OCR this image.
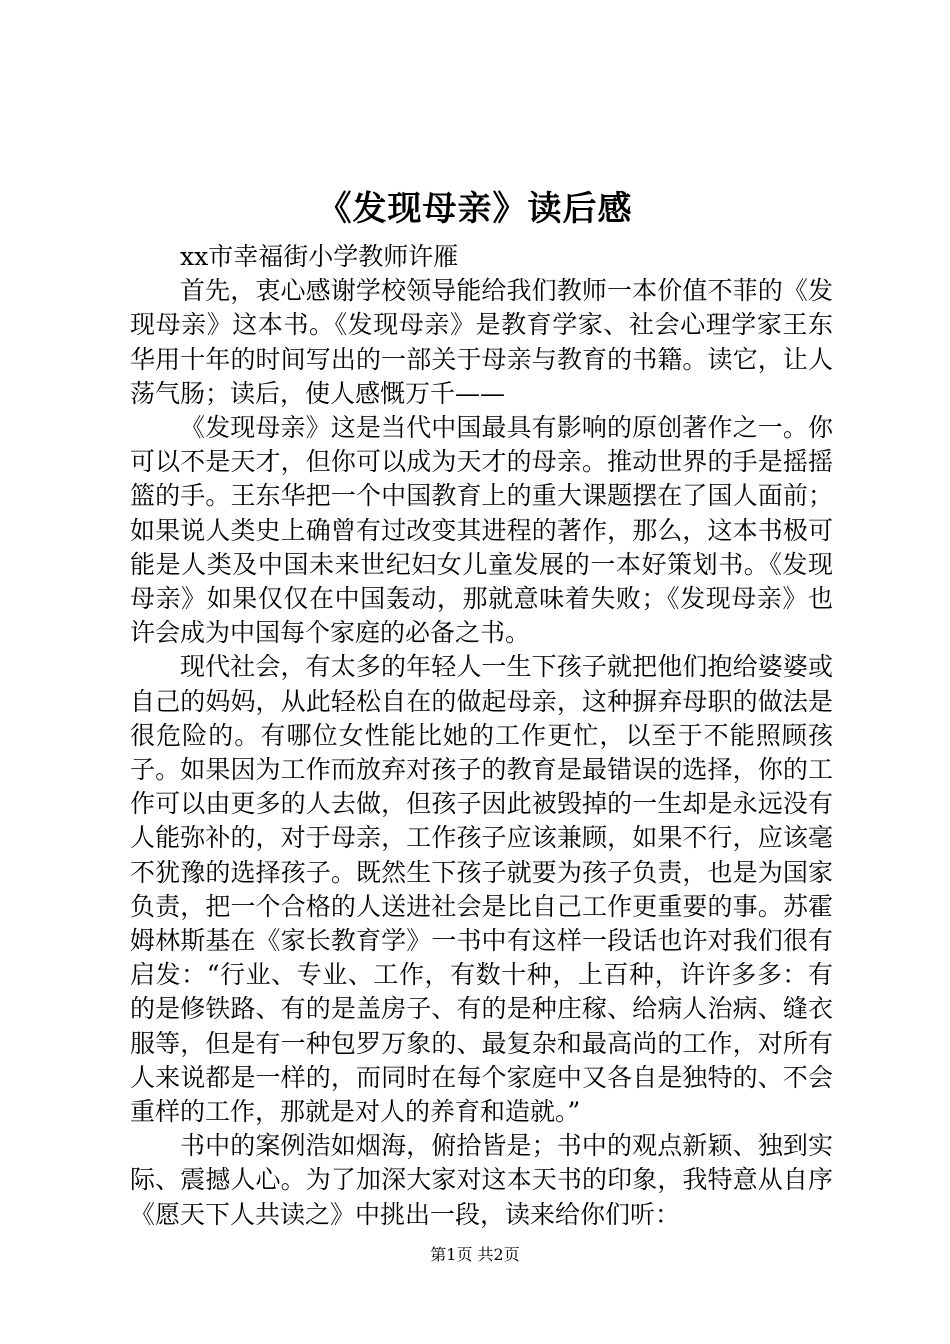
《发现母亲》读后感

xx市幸福街小学教师许雁

首先，衷心感谢学校领导能给我们教师一本价值不菲的《发现母亲》这本书。《发现母亲》是教育学家、社会心理学家王东华用十年的时间写出的一部关于母亲与教育的书籍。读它，让人荡气肠；读后，使人感慨万千——

《发现母亲》这是当代中国最具有影响的原创著作之一。你可以不是天才，但你可以成为天才的母亲。推动世界的手是摇摇篮的手。王东华把一个中国教育上的重大课题摆在了国人面前；如果说人类史上确曾有过改变其进程的著作，那么，这本书极可能是人类及中国未来世纪妇女儿童发展的一本好策划书。《发现母亲》如果仅仅在中国轰动，那就意味着失败；《发现母亲》也许会成为中国每个家庭的必备之书。

现代社会，有太多的年轻人一生下孩子就把他们抱给婆婆或自己的妈妈，从此轻松自在的做起母亲，这种摒弃母职的做法是很危险的。有哪位女性能比她的工作更忙，以至于不能照顾孩子。如果因为工作而放弃对孩子的教育是最错误的选择，你的工作可以由更多的人去做，但孩子因此被毁掉的一生却是永远没有人能弥补的，对于母亲，工作孩子应该兼顾，如果不行，应该毫不犹豫的选择孩子。既然生下孩子就要为孩子负责，也是为国家负责，把一个合格的人送进社会是比自己工作更重要的事。苏霍姆林斯基在《家长教育学》一书中有这样一段话也许对我们很有启发：“行业、专业、工作，有数十种，上百种，许许多多：有的是修铁路、有的是盖房子、有的是种庄稼、给病人治病、缝衣服等，但是有一种包罗万象的、最复杂和最高尚的工作，对所有人来说都是一样的，而同时在每个家庭中又各自是独特的、不会重样的工作，那就是对人的养育和造就。”

书中的案例浩如烟海，俯拾皆是；书中的观点新颖、独到实际、震撼人心。为了加深大家对这本天书的印象，我特意从自序《愿天下人共读之》中挑出一段，读来给你们听：

第1页 共2页
